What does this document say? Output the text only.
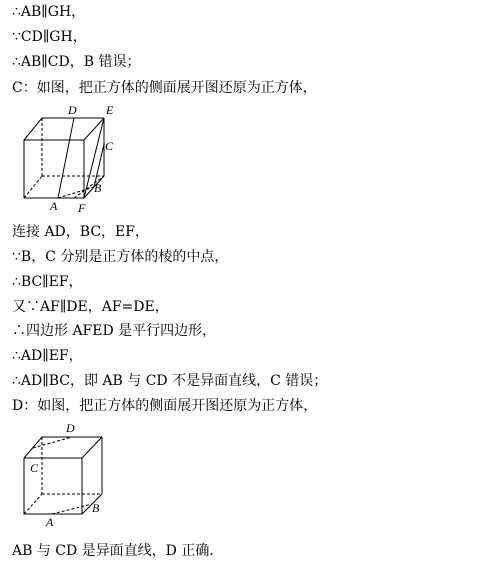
∴AB∥GH，
∵CD∥GH，
∴AB∥CD，B 错误；
C：如图，把正方体的侧面展开图还原为正方体，
D E
C
B
A F
连接 AD，BC，EF，
∵B，C 分别是正方体的棱的中点，
∴BC∥EF，
又∵AF∥DE，AF=DE，
∴四边形 AFED 是平行四边形，
∴AD∥EF，
∴AD∥BC，即 AB 与 CD 不是异面直线，C 错误；
D：如图，把正方体的侧面展开图还原为正方体，
D
C
B
A
AB 与 CD 是异面直线，D 正确．
